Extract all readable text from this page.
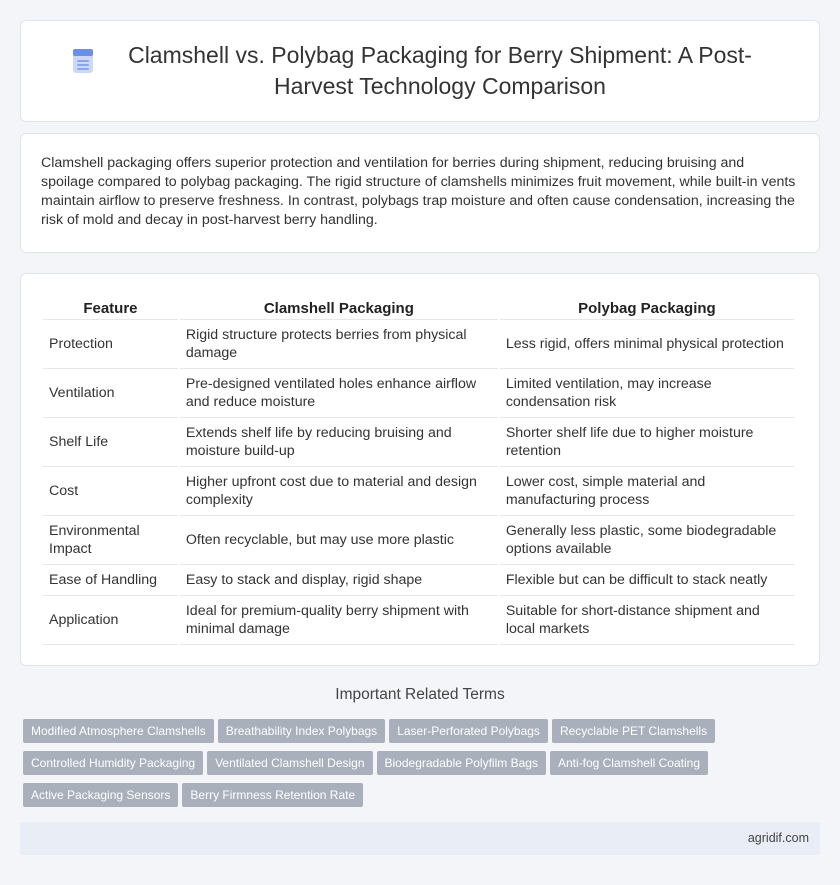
Clamshell vs. Polybag Packaging for Berry Shipment: A Post-Harvest Technology Comparison

Clamshell packaging offers superior protection and ventilation for berries during shipment, reducing bruising and spoilage compared to polybag packaging. The rigid structure of clamshells minimizes fruit movement, while built-in vents maintain airflow to preserve freshness. In contrast, polybags trap moisture and often cause condensation, increasing the risk of mold and decay in post-harvest berry handling.

Feature	Clamshell Packaging	Polybag Packaging
Protection	Rigid structure protects berries from physical damage	Less rigid, offers minimal physical protection
Ventilation	Pre-designed ventilated holes enhance airflow and reduce moisture	Limited ventilation, may increase condensation risk
Shelf Life	Extends shelf life by reducing bruising and moisture build-up	Shorter shelf life due to higher moisture retention
Cost	Higher upfront cost due to material and design complexity	Lower cost, simple material and manufacturing process
Environmental Impact	Often recyclable, but may use more plastic	Generally less plastic, some biodegradable options available
Ease of Handling	Easy to stack and display, rigid shape	Flexible but can be difficult to stack neatly
Application	Ideal for premium-quality berry shipment with minimal damage	Suitable for short-distance shipment and local markets
Important Related Terms
Modified Atmosphere Clamshells Breathability Index Polybags Laser-Perforated Polybags Recyclable PET Clamshells
Controlled Humidity Packaging Ventilated Clamshell Design Biodegradable Polyfilm Bags Anti-fog Clamshell Coating
Active Packaging Sensors Berry Firmness Retention Rate
agridif.com
